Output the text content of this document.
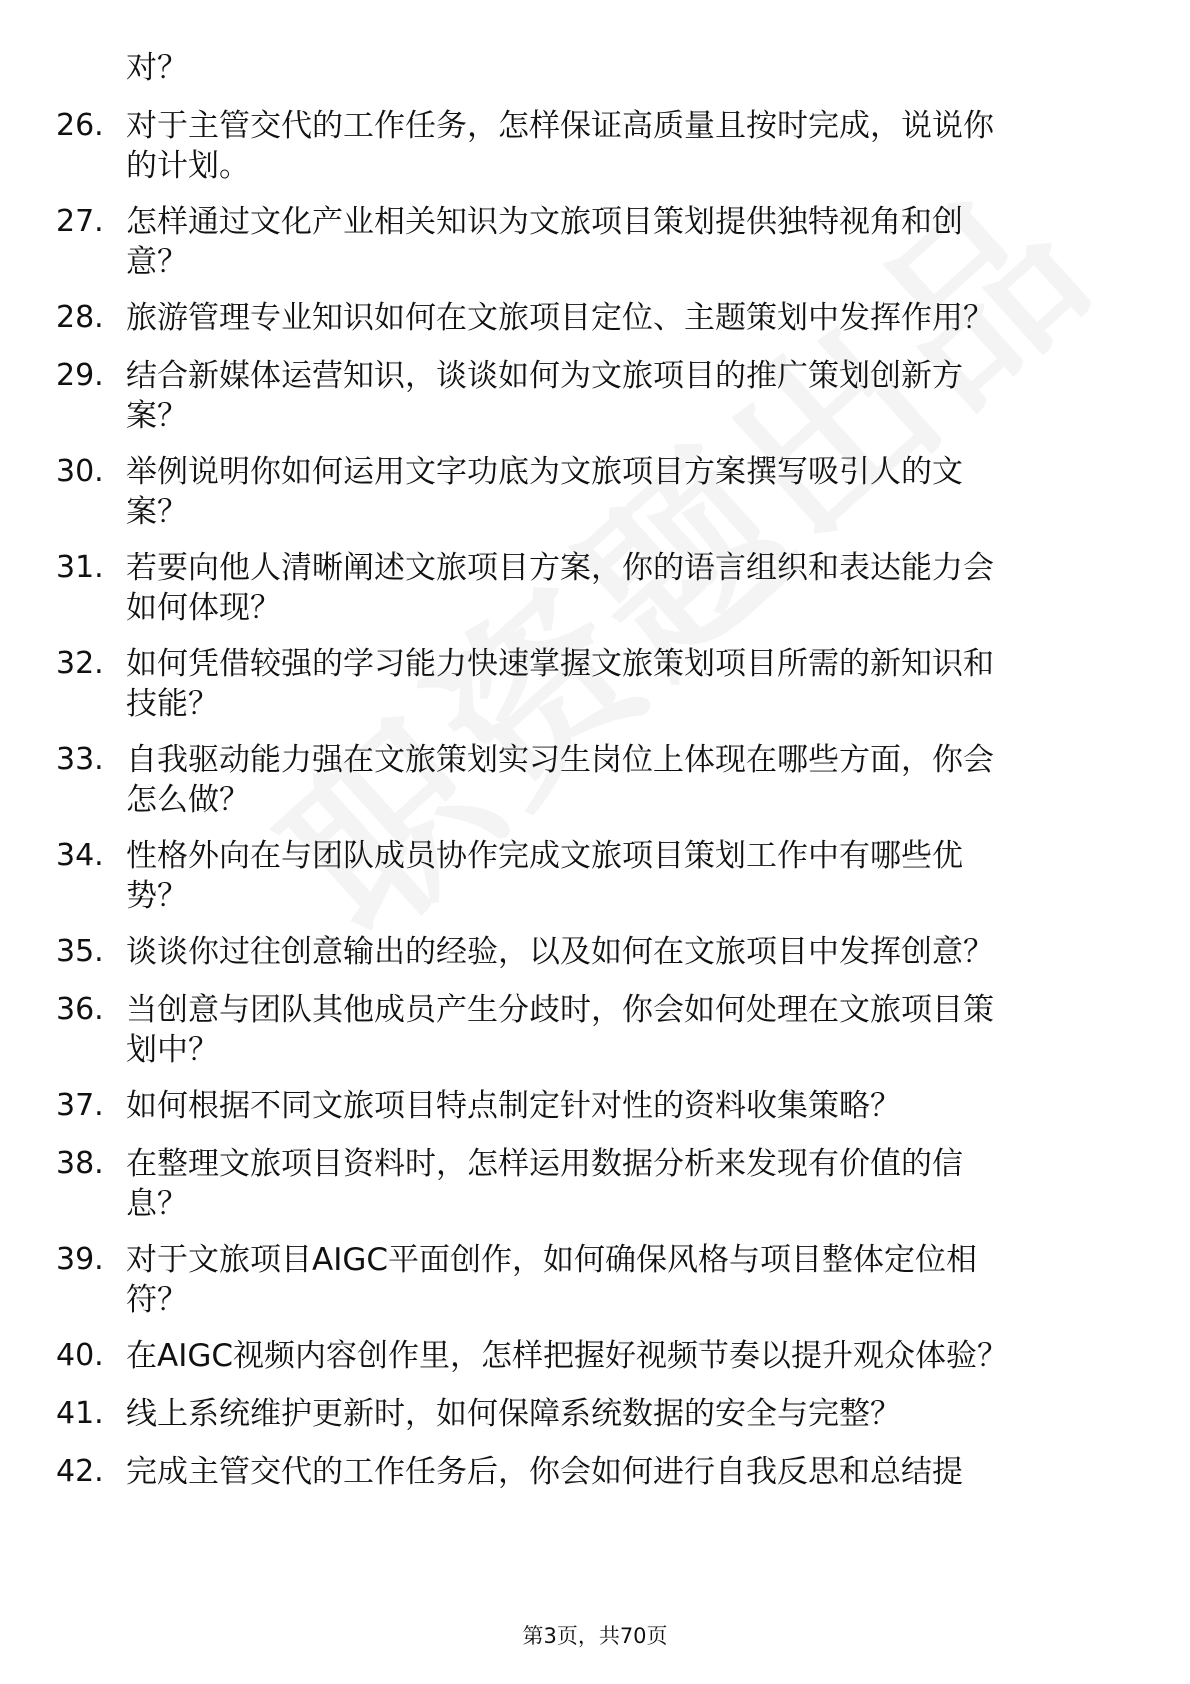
对？
26. 对于主管交代的工作任务，怎样保证高质量且按时完成，说说你
的计划。
27. 怎样通过文化产业相关知识为文旅项目策划提供独特视角和创
意？
28. 旅游管理专业知识如何在文旅项目定位、主题策划中发挥作用？
29. 结合新媒体运营知识，谈谈如何为文旅项目的推广策划创新方
案？
30. 举例说明你如何运用文字功底为文旅项目方案撰写吸引人的文
案？
31. 若要向他人清晰阐述文旅项目方案，你的语言组织和表达能力会
如何体现？
32. 如何凭借较强的学习能力快速掌握文旅策划项目所需的新知识和
技能？
33. 自我驱动能力强在文旅策划实习生岗位上体现在哪些方面，你会
怎么做？
34. 性格外向在与团队成员协作完成文旅项目策划工作中有哪些优
势？
35. 谈谈你过往创意输出的经验，以及如何在文旅项目中发挥创意？
36. 当创意与团队其他成员产生分歧时，你会如何处理在文旅项目策
划中？
37. 如何根据不同文旅项目特点制定针对性的资料收集策略？
38. 在整理文旅项目资料时，怎样运用数据分析来发现有价值的信
息？
39. 对于文旅项目AIGC平面创作，如何确保风格与项目整体定位相
符？
40. 在AIGC视频内容创作里，怎样把握好视频节奏以提升观众体验？
41. 线上系统维护更新时，如何保障系统数据的安全与完整？
42. 完成主管交代的工作任务后，你会如何进行自我反思和总结提
第3页，共70页
